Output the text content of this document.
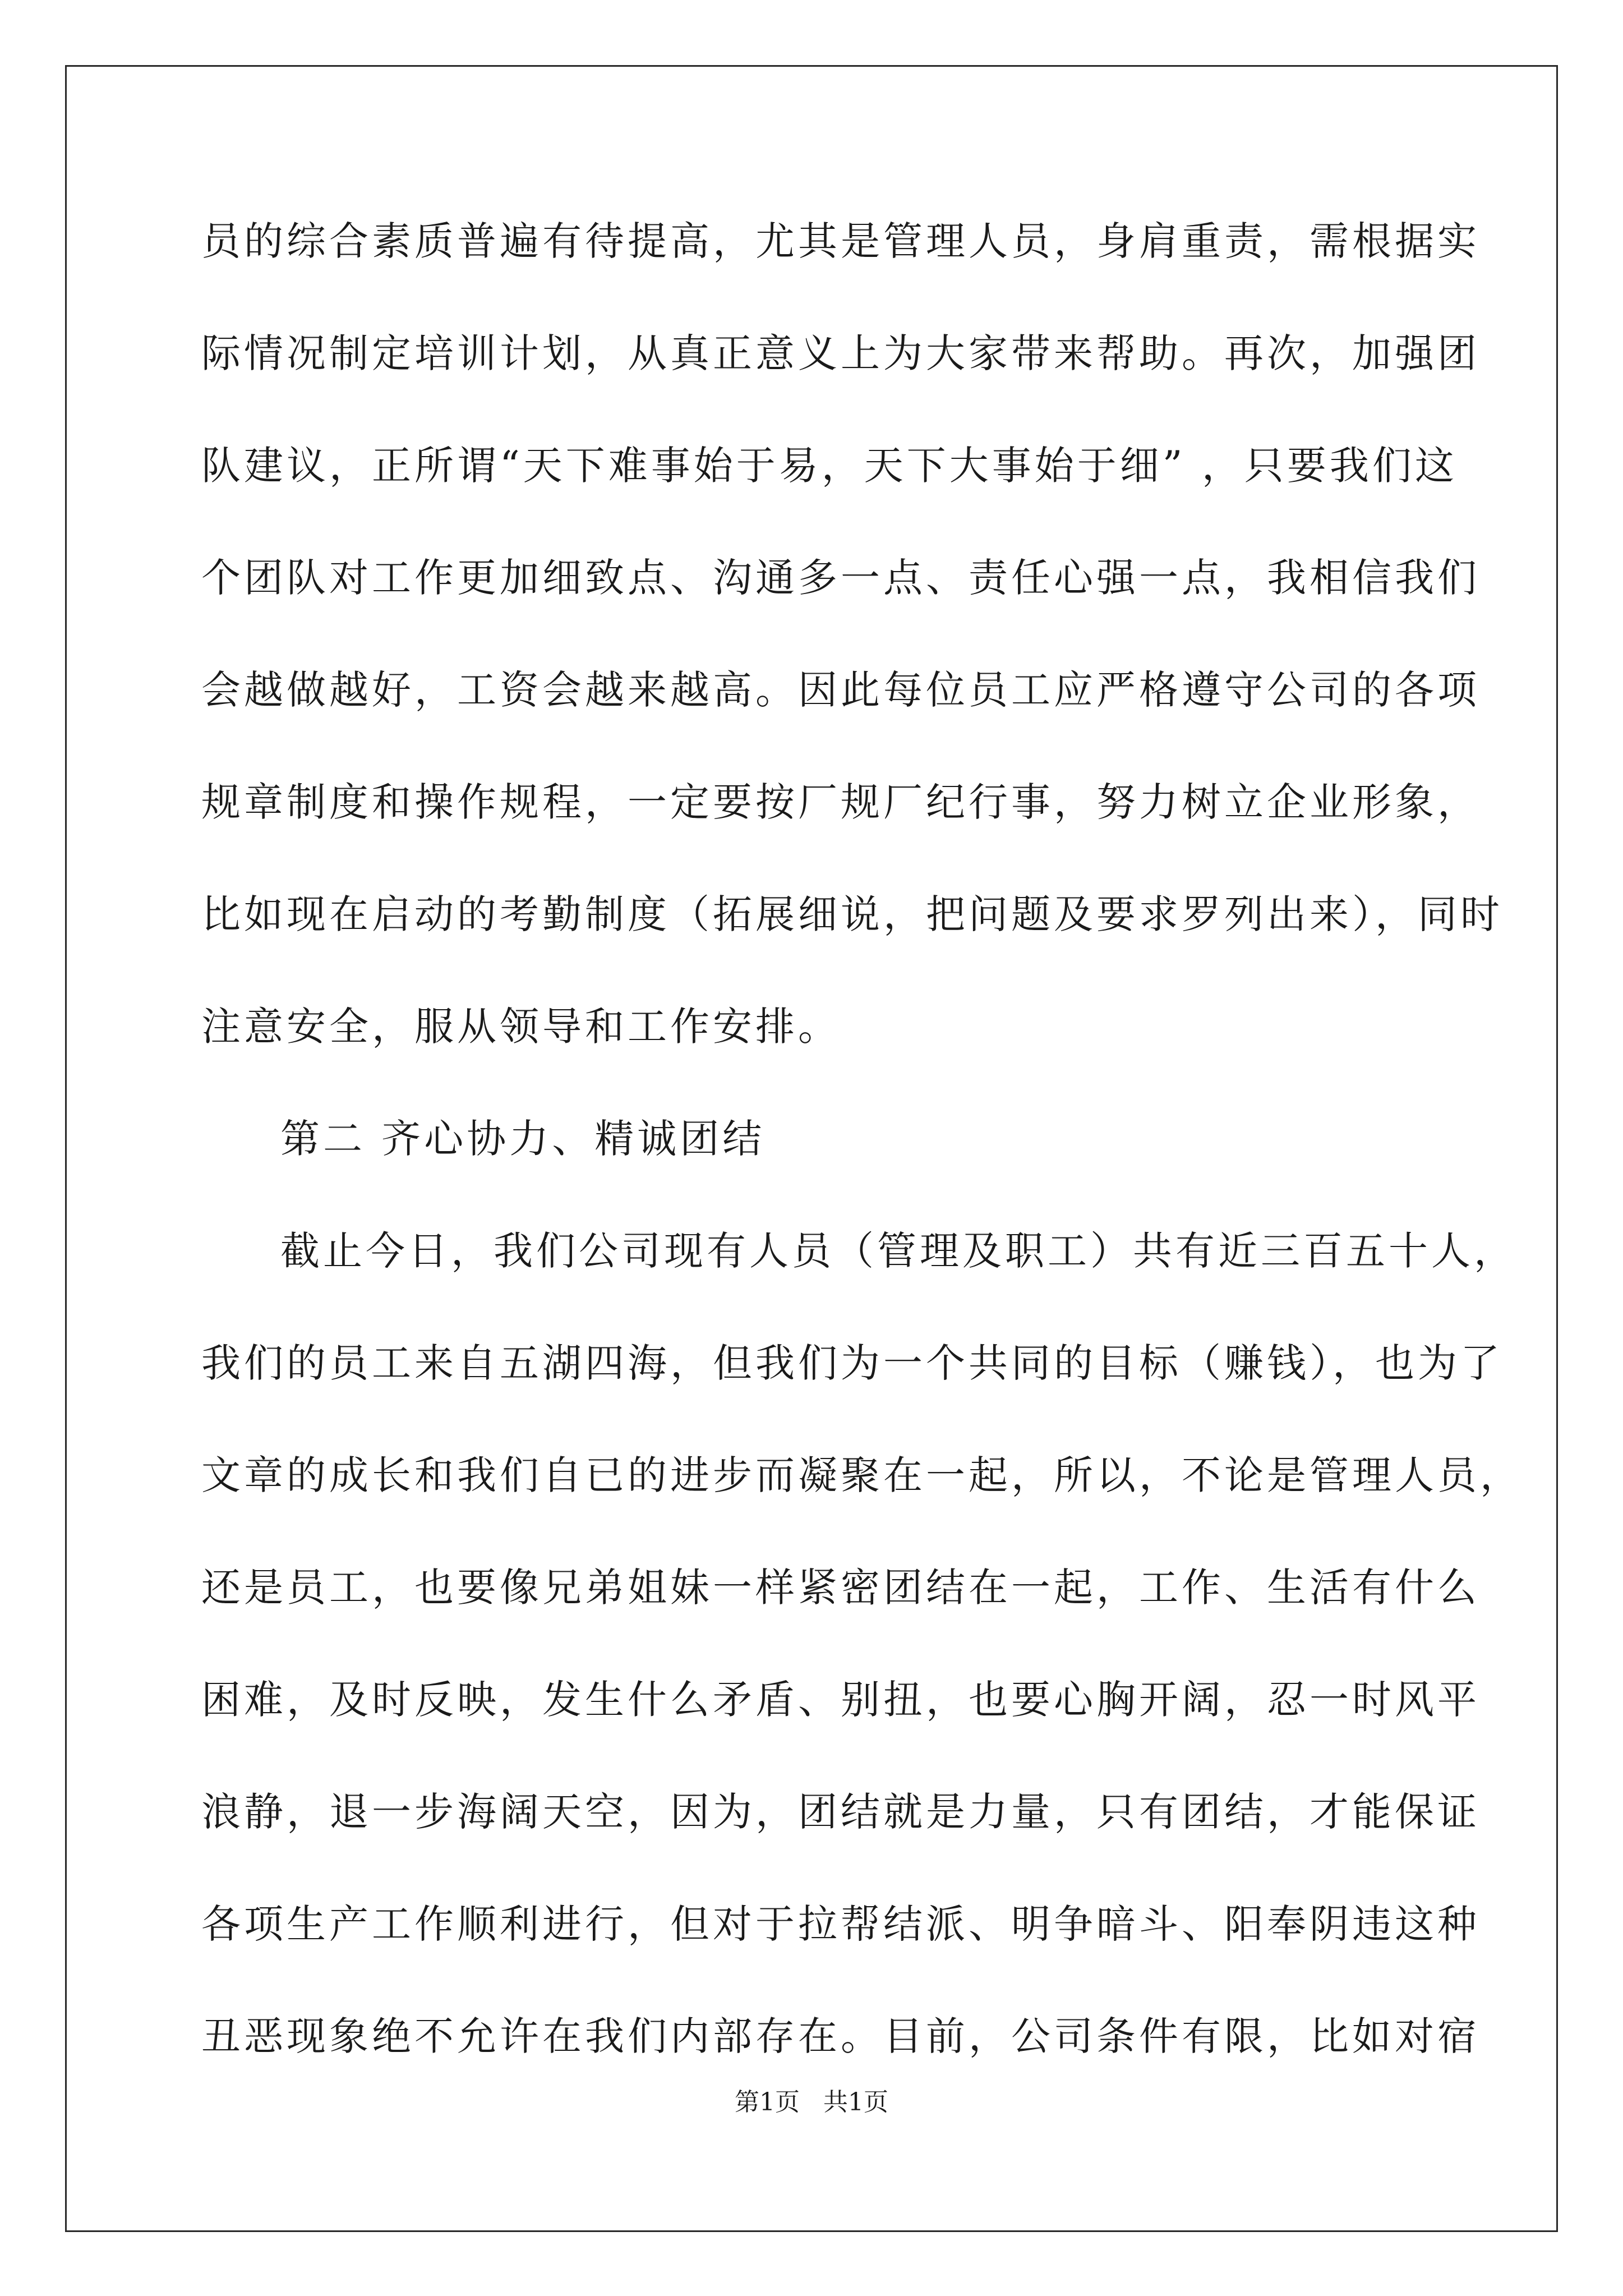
员的综合素质普遍有待提高，尤其是管理人员，身肩重责，需根据实
际情况制定培训计划，从真正意义上为大家带来帮助。再次，加强团
队建议，正所谓“天下难事始于易，天下大事始于细” ，只要我们这
个团队对工作更加细致点、沟通多一点、责任心强一点，我相信我们
会越做越好，工资会越来越高。因此每位员工应严格遵守公司的各项
规章制度和操作规程，一定要按厂规厂纪行事，努力树立企业形象，
比如现在启动的考勤制度（拓展细说，把问题及要求罗列出来），同时
注意安全，服从领导和工作安排。
第二 齐心协力、精诚团结
截止今日，我们公司现有人员（管理及职工）共有近三百五十人，
我们的员工来自五湖四海，但我们为一个共同的目标（赚钱），也为了
文章的成长和我们自已的进步而凝聚在一起，所以，不论是管理人员，
还是员工，也要像兄弟姐妹一样紧密团结在一起，工作、生活有什么
困难，及时反映，发生什么矛盾、别扭，也要心胸开阔，忍一时风平
浪静，退一步海阔天空，因为，团结就是力量，只有团结，才能保证
各项生产工作顺利进行，但对于拉帮结派、明争暗斗、阳奉阴违这种
丑恶现象绝不允许在我们内部存在。目前，公司条件有限，比如对宿
第1页   共1页
